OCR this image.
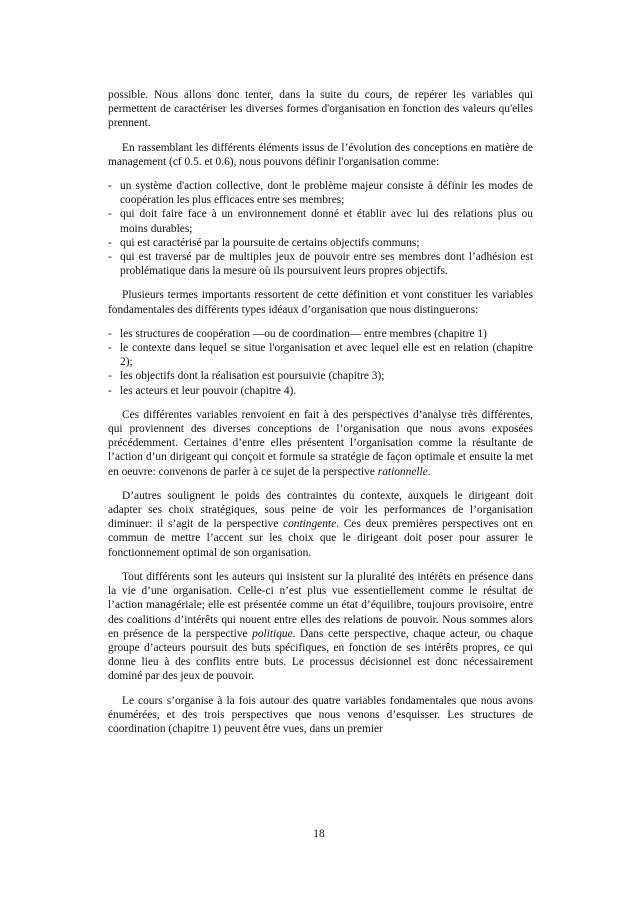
possible. Nous allons donc tenter, dans la suite du cours, de repérer les variables qui permettent de caractériser les diverses formes d'organisation en fonction des valeurs qu'elles prennent.

En rassemblant les différents éléments issus de l’évolution des conceptions en matière de management (cf 0.5. et 0.6), nous pouvons définir l'organisation comme:

- un système d'action collective, dont le problème majeur consiste à définir les modes de coopération les plus efficaces entre ses membres;
- qui doit faire face à un environnement donné et établir avec lui des relations plus ou moins durables;
- qui est caractérisé par la poursuite de certains objectifs communs;
- qui est traversé par de multiples jeux de pouvoir entre ses membres dont l’adhésion est problématique dans la mesure où ils poursuivent leurs propres objectifs.

Plusieurs termes importants ressortent de cette définition et vont constituer les variables fondamentales des différents types idéaux d’organisation que nous distinguerons:

- les structures de coopération —ou de coordination— entre membres (chapitre 1)
- le contexte dans lequel se situe l'organisation et avec lequel elle est en relation (chapitre 2);
- les objectifs dont la réalisation est poursuivie (chapitre 3);
- les acteurs et leur pouvoir (chapitre 4).

Ces différentes variables renvoient en fait à des perspectives d’analyse très différentes, qui proviennent des diverses conceptions de l’organisation que nous avons exposées précédemment. Certaines d’entre elles présentent l’organisation comme la résultante de l’action d’un dirigeant qui conçoit et formule sa stratégie de façon optimale et ensuite la met en oeuvre: convenons de parler à ce sujet de la perspective rationnelle.

D’autres soulignent le poids des contraintes du contexte, auxquels le dirigeant doit adapter ses choix stratégiques, sous peine de voir les performances de l’organisation diminuer: il s’agit de la perspective contingente. Ces deux premières perspectives ont en commun de mettre l’accent sur les choix que le dirigeant doit poser pour assurer le fonctionnement optimal de son organisation.

Tout différents sont les auteurs qui insistent sur la pluralité des intérêts en présence dans la vie d’une organisation. Celle-ci n’est plus vue essentiellement comme le résultat de l’action managériale; elle est présentée comme un état d’équilibre, toujours provisoire, entre des coalitions d’intérêts qui nouent entre elles des relations de pouvoir. Nous sommes alors en présence de la perspective politique. Dans cette perspective, chaque acteur, ou chaque groupe d’acteurs poursuit des buts spécifiques, en fonction de ses intérêts propres, ce qui donne lieu à des conflits entre buts. Le processus décisionnel est donc nécessairement dominé par des jeux de pouvoir.

Le cours s’organise à la fois autour des quatre variables fondamentales que nous avons énumérées, et des trois perspectives que nous venons d’esquisser. Les structures de coordination (chapitre 1) peuvent être vues, dans un premier

18
